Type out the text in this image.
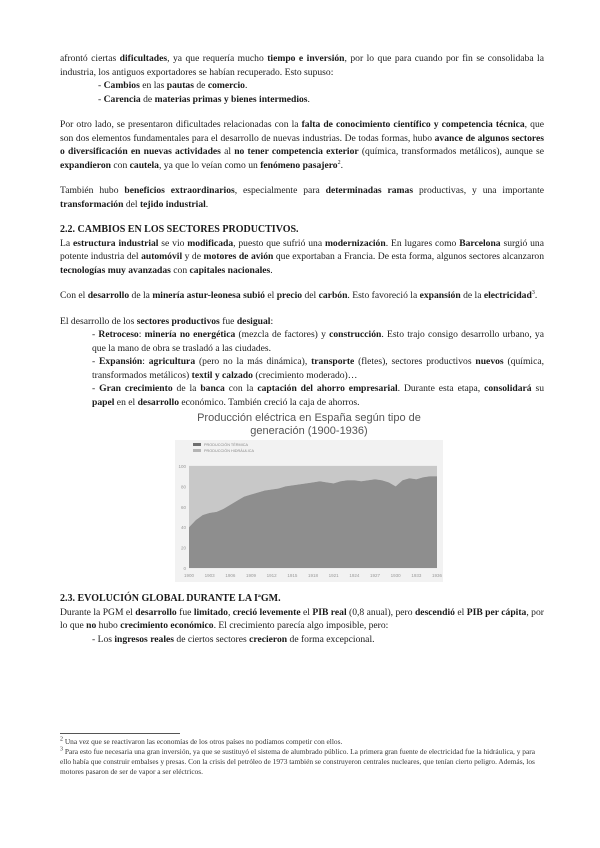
afrontó ciertas dificultades, ya que requería mucho tiempo e inversión, por lo que para cuando por fin se consolidaba la industria, los antiguos exportadores se habían recuperado. Esto supuso:

- Cambios en las pautas de comercio.

- Carencia de materias primas y bienes intermedios.

Por otro lado, se presentaron dificultades relacionadas con la falta de conocimiento científico y competencia técnica, que son dos elementos fundamentales para el desarrollo de nuevas industrias. De todas formas, hubo avance de algunos sectores o diversificación en nuevas actividades al no tener competencia exterior (química, transformados metálicos), aunque se expandieron con cautela, ya que lo veían como un fenómeno pasajero$^2$.

También hubo beneficios extraordinarios, especialmente para determinadas ramas productivas, y una importante transformación del tejido industrial.

2.2. CAMBIOS EN LOS SECTORES PRODUCTIVOS.

La estructura industrial se vio modificada, puesto que sufrió una modernización. En lugares como Barcelona surgió una potente industria del automóvil y de motores de avión que exportaban a Francia. De esta forma, algunos sectores alcanzaron tecnologías muy avanzadas con capitales nacionales.

Con el desarrollo de la minería astur-leonesa subió el precio del carbón. Esto favoreció la expansión de la electricidad$^3$.

El desarrollo de los sectores productivos fue desigual:

- Retroceso: minería no energética (mezcla de factores) y construcción. Esto trajo consigo desarrollo urbano, ya que la mano de obra se trasladó a las ciudades.

- Expansión: agricultura (pero no la más dinámica), transporte (fletes), sectores productivos nuevos (química, transformados metálicos) textil y calzado (crecimiento moderado)…

- Gran crecimiento de la banca con la captación del ahorro empresarial. Durante esta etapa, consolidará su papel en el desarrollo económico. También creció la caja de ahorros.

Producción eléctrica en España según tipo de generación (1900-1936)
0
20
40
60
80
100
1900 1903 1906 1909 1912 1915 1918 1921 1924 1927 1930 1933 1936
PRODUCCIÓN TÉRMICA
PRODUCCIÓN HIDRÁULICA
2.3. EVOLUCIÓN GLOBAL DURANTE LA IªGM.

Durante la PGM el desarrollo fue limitado, creció levemente el PIB real (0,8 anual), pero descendió el PIB per cápita, por lo que no hubo crecimiento económico. El crecimiento parecía algo imposible, pero:

- Los ingresos reales de ciertos sectores crecieron de forma excepcional.

$^2$ Una vez que se reactivaron las economías de los otros países no podíamos competir con ellos.

$^3$ Para esto fue necesaria una gran inversión, ya que se sustituyó el sistema de alumbrado público. La primera gran fuente de electricidad fue la hidráulica, y para ello había que construir embalses y presas. Con la crisis del petróleo de 1973 también se construyeron centrales nucleares, que tenían cierto peligro. Además, los motores pasaron de ser de vapor a ser eléctricos.
